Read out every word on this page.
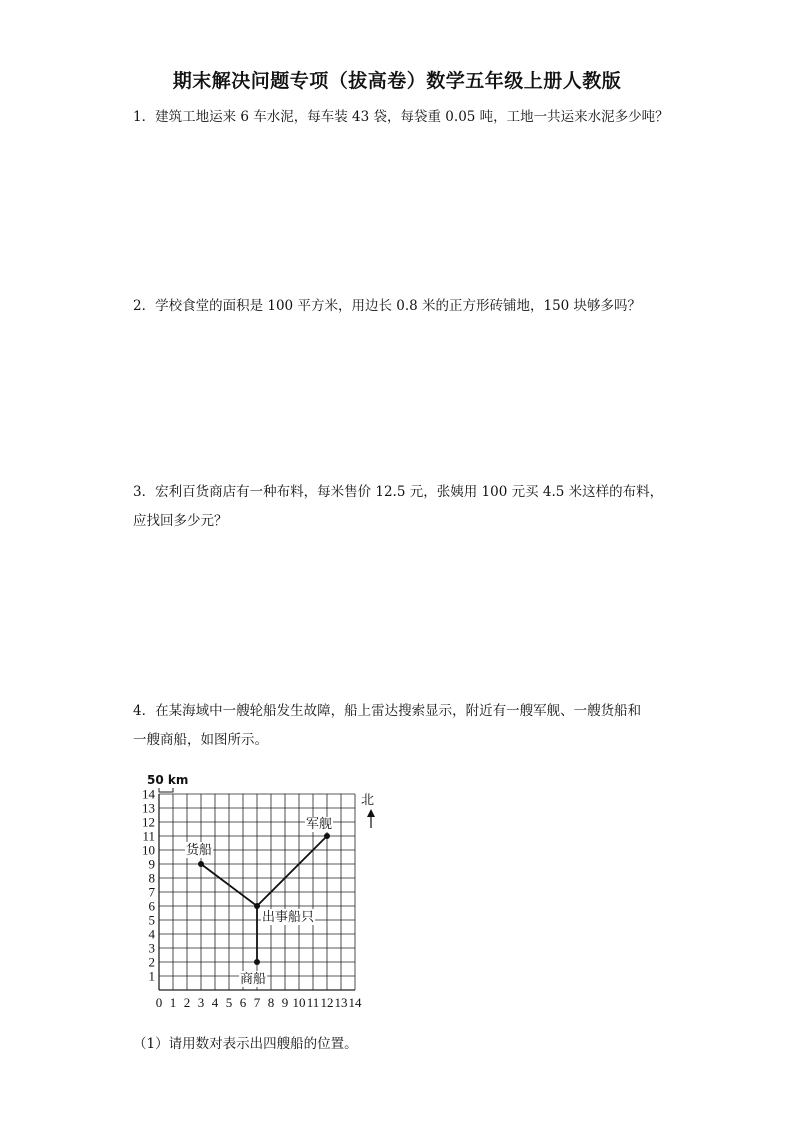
期末解决问题专项（拔高卷）数学五年级上册人教版
1．建筑工地运来 6 车水泥，每车装 43 袋，每袋重 0.05 吨，工地一共运来水泥多少吨？
2．学校食堂的面积是 100 平方米，用边长 0.8 米的正方形砖铺地，150 块够多吗？
3．宏利百货商店有一种布料，每米售价 12.5 元，张姨用 100 元买 4.5 米这样的布料，
应找回多少元？
4．在某海域中一艘轮船发生故障，船上雷达搜索显示，附近有一艘军舰、一艘货船和
一艘商船，如图所示。
50 km
北
0 1 2 3 4 5 6 7 8 9 10 11 12 13 14
1
2
3
4
5
6
7
8
9
10
11
12
13
14
货船
军舰
出事船只
商船
（1）请用数对表示出四艘船的位置。
